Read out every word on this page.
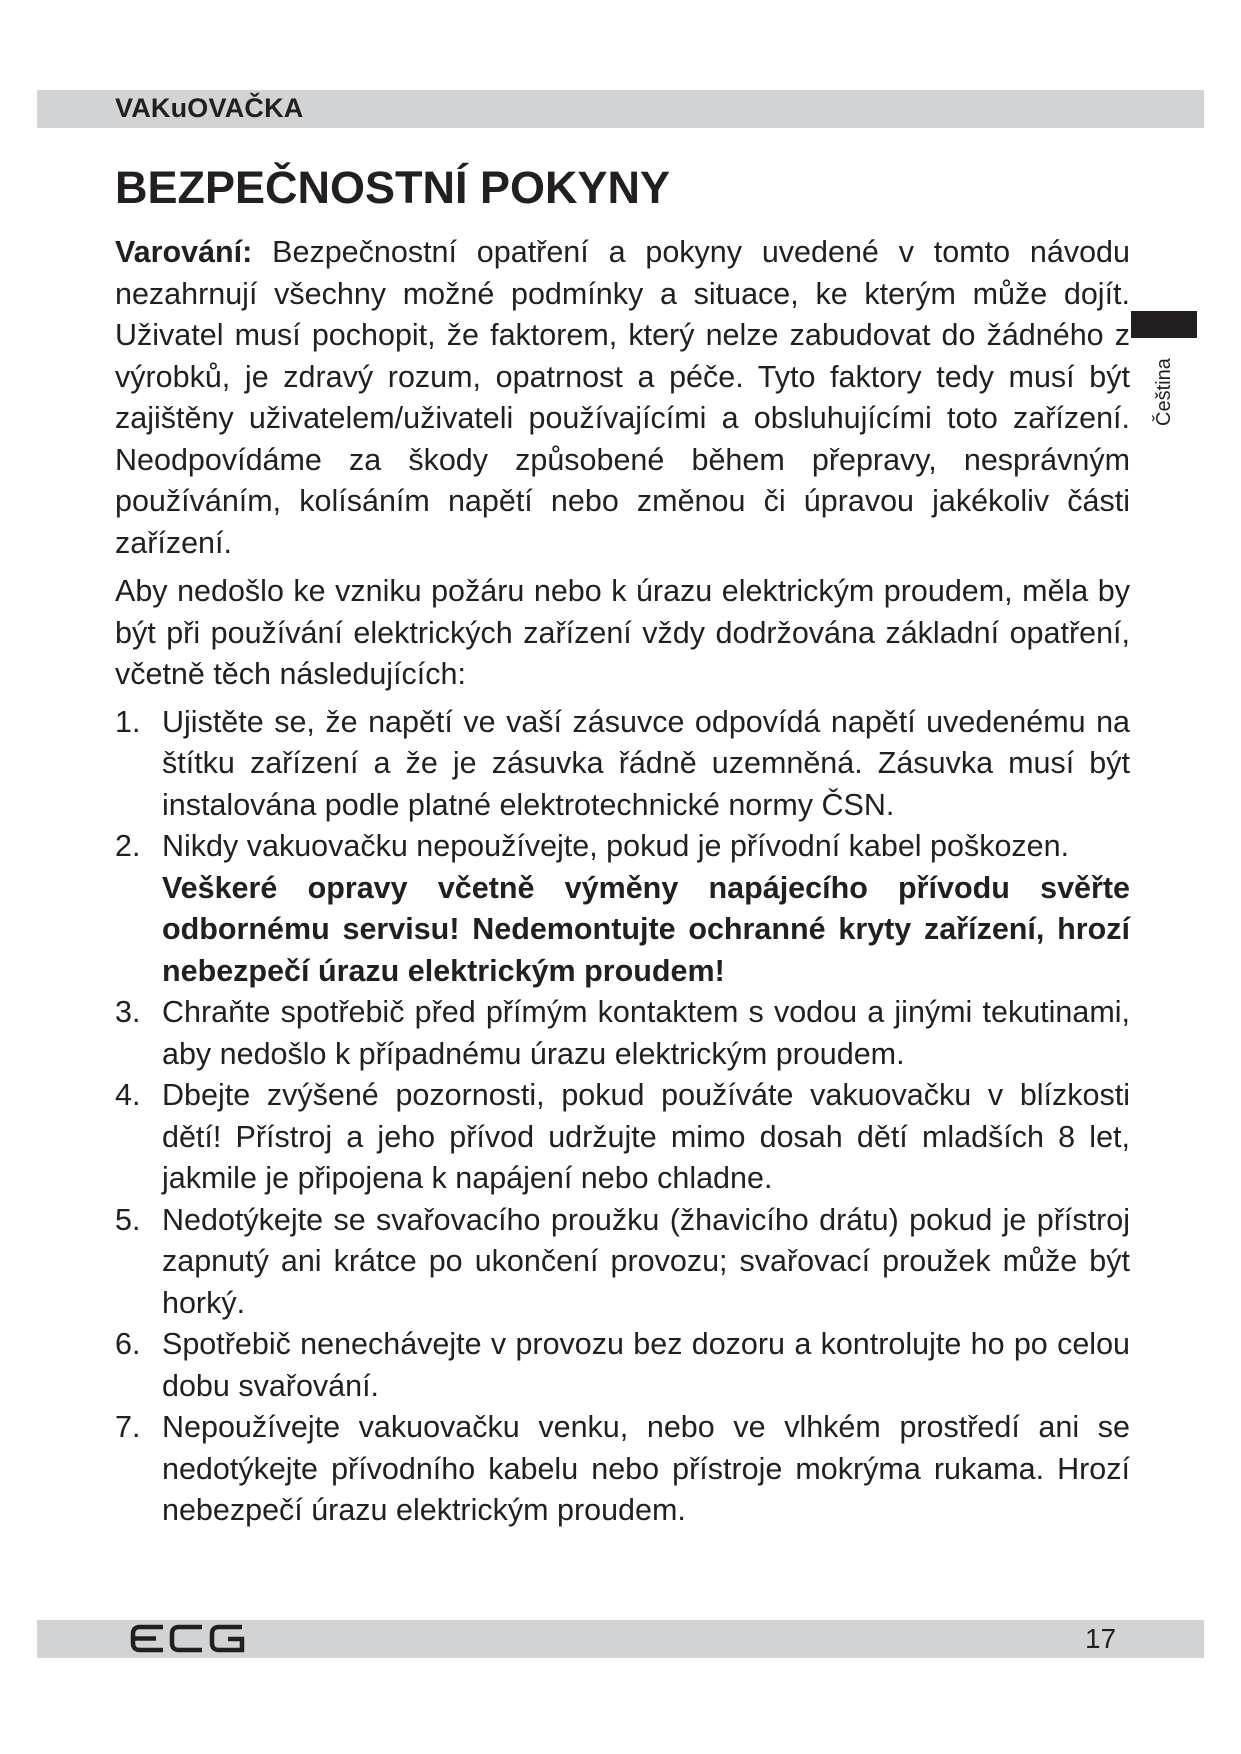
VAKuOVAČKA
BEZPEČNOSTNÍ POKYNY

Varování: Bezpečnostní opatření a pokyny uvedené v tomto návodu nezahrnují všechny možné podmínky a situace, ke kterým může dojít. Uživatel musí pochopit, že faktorem, který nelze zabudovat do žádného z výrobků, je zdravý rozum, opatrnost a péče. Tyto faktory tedy musí být zajištěny uživatelem/uživateli používajícími a obsluhujícími toto zařízení. Neodpovídáme za škody způsobené během přepravy, nesprávným používáním, kolísáním napětí nebo změnou či úpravou jakékoliv části zařízení.

Aby nedošlo ke vzniku požáru nebo k úrazu elektrickým proudem, měla by být při používání elektrických zařízení vždy dodržována základní opatření, včetně těch následujících:

1. Ujistěte se, že napětí ve vaší zásuvce odpovídá napětí uvedenému na štítku zařízení a že je zásuvka řádně uzemněná. Zásuvka musí být instalována podle platné elektrotechnické normy ČSN.
2. Nikdy vakuovačku nepoužívejte, pokud je přívodní kabel poškozen.
Veškeré opravy včetně výměny napájecího přívodu svěřte odbornému servisu! Nedemontujte ochranné kryty zařízení, hrozí nebezpečí úrazu elektrickým proudem!
3. Chraňte spotřebič před přímým kontaktem s vodou a jinými tekutinami, aby nedošlo k případnému úrazu elektrickým proudem.
4. Dbejte zvýšené pozornosti, pokud používáte vakuovačku v blízkosti dětí! Přístroj a jeho přívod udržujte mimo dosah dětí mladších 8 let, jakmile je připojena k napájení nebo chladne.
5. Nedotýkejte se svařovacího proužku (žhavicího drátu) pokud je přístroj zapnutý ani krátce po ukončení provozu; svařovací proužek může být horký.
6. Spotřebič nenechávejte v provozu bez dozoru a kontrolujte ho po celou dobu svařování.
7. Nepoužívejte vakuovačku venku, nebo ve vlhkém prostředí ani se nedotýkejte přívodního kabelu nebo přístroje mokrýma rukama. Hrozí nebezpečí úrazu elektrickým proudem.
Čeština
17
